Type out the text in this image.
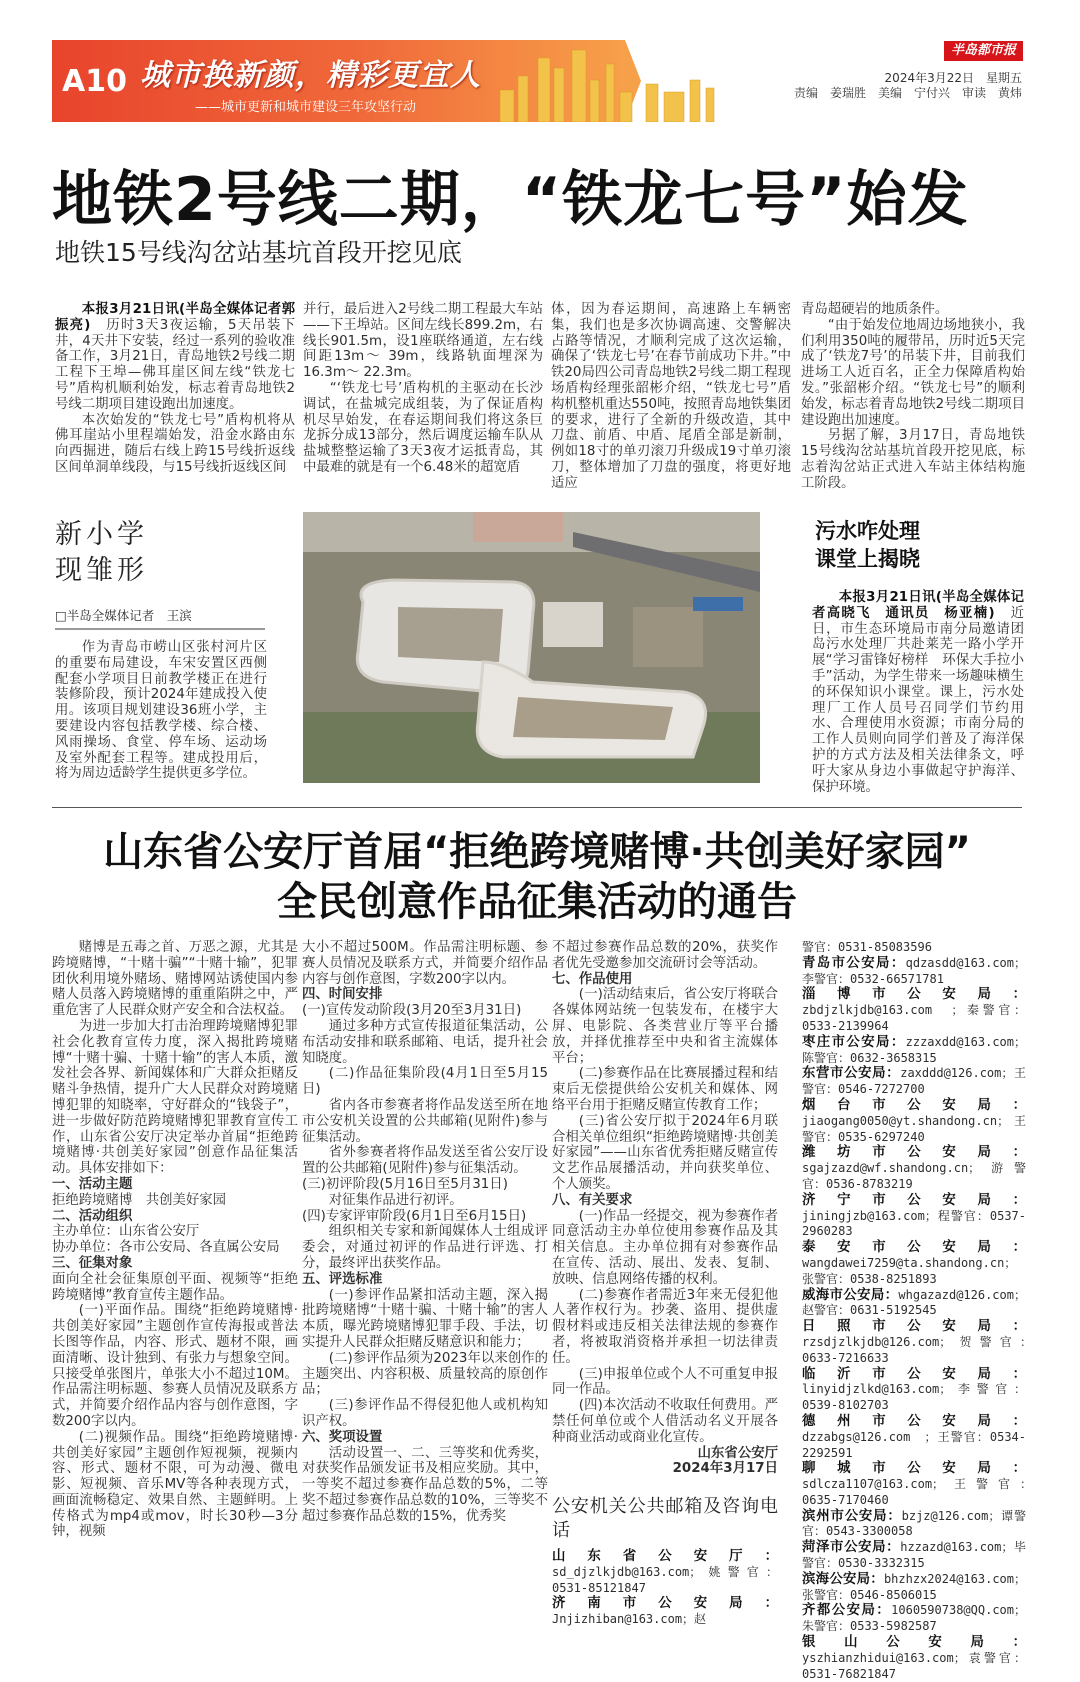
A10 城市换新颜，精彩更宜人
——城市更新和城市建设三年攻坚行动
半岛都市报
2024年3月22日　星期五
责编　姜瑞胜　美编　宁付兴　审读　黄炜
地铁2号线二期，“铁龙七号”始发
地铁15号线沟岔站基坑首段开挖见底

本报3月21日讯(半岛全媒体记者郭振亮)　历时3天3夜运输，5天吊装下井，4天井下安装，经过一系列的验收准备工作，3月21日，青岛地铁2号线二期工程下王埠—佛耳崖区间左线“铁龙七号”盾构机顺利始发，标志着青岛地铁2号线二期项目建设跑出加速度。

本次始发的“铁龙七号”盾构机将从佛耳崖站小里程端始发，沿金水路由东向西掘进，随后右线上跨15号线折返线区间单洞单线段，与15号线折返线区间

并行，最后进入2号线二期工程最大车站——下王埠站。区间左线长899.2m，右线长901.5m，设1座联络通道，左右线间距13m～ 39m，线路轨面埋深为16.3m～ 22.3m。

“‘铁龙七号’盾构机的主驱动在长沙调试，在盐城完成组装，为了保证盾构机尽早始发，在春运期间我们将这条巨龙拆分成13部分，然后调度运输车队从盐城整整运输了3天3夜才运抵青岛，其中最难的就是有一个6.48米的超宽盾

体，因为春运期间，高速路上车辆密集，我们也是多次协调高速、交警解决占路等情况，才顺利完成了这次运输，确保了‘铁龙七号’在春节前成功下井。”中铁20局四公司青岛地铁2号线二期工程现场盾构经理张韶彬介绍，“铁龙七号”盾构机整机重达550吨，按照青岛地铁集团的要求，进行了全新的升级改造，其中刀盘、前盾、中盾、尾盾全部是新制，例如18寸的单刃滚刀升级成19寸单刃滚刀，整体增加了刀盘的强度，将更好地适应

青岛超硬岩的地质条件。

“由于始发位地周边场地狭小，我们利用350吨的履带吊，历时近5天完成了‘铁龙7号’的吊装下井，目前我们进场工人近百名，正全力保障盾构始发。”张韶彬介绍。“铁龙七号”的顺利始发，标志着青岛地铁2号线二期项目建设跑出加速度。

另据了解，3月17日，青岛地铁15号线沟岔站基坑首段开挖见底，标志着沟岔站正式进入车站主体结构施工阶段。

新小学
现雏形
□半岛全媒体记者　王滨

作为青岛市崂山区张村河片区的重要布局建设，车宋安置区西侧配套小学项目日前教学楼正在进行装修阶段，预计2024年建成投入使用。该项目规划建设36班小学，主要建设内容包括教学楼、综合楼、风雨操场、食堂、停车场、运动场及室外配套工程等。建成投用后，将为周边适龄学生提供更多学位。

污水咋处理
课堂上揭晓

本报3月21日讯(半岛全媒体记者高晓飞　通讯员　杨亚楠)　近日，市生态环境局市南分局邀请团岛污水处理厂共赴莱芜一路小学开展“学习雷锋好榜样　环保大手拉小手”活动，为学生带来一场趣味横生的环保知识小课堂。课上，污水处理厂工作人员号召同学们节约用水、合理使用水资源；市南分局的工作人员则向同学们普及了海洋保护的方式方法及相关法律条文，呼吁大家从身边小事做起守护海洋、保护环境。

山东省公安厅首届“拒绝跨境赌博·共创美好家园”
全民创意作品征集活动的通告

赌博是五毒之首、万恶之源，尤其是跨境赌博，“十赌十骗”“十赌十输”，犯罪团伙利用境外赌场、赌博网站诱使国内参赌人员落入跨境赌博的重重陷阱之中，严重危害了人民群众财产安全和合法权益。

为进一步加大打击治理跨境赌博犯罪社会化教育宣传力度，深入揭批跨境赌博“十赌十骗、十赌十输”的害人本质，激发社会各界、新闻媒体和广大群众拒赌反赌斗争热情，提升广大人民群众对跨境赌博犯罪的知晓率，守好群众的“钱袋子”，进一步做好防范跨境赌博犯罪教育宣传工作，山东省公安厅决定举办首届“拒绝跨境赌博·共创美好家园”创意作品征集活动。具体安排如下：

一、活动主题

拒绝跨境赌博　共创美好家园

二、活动组织

主办单位：山东省公安厅

协办单位：各市公安局、各直属公安局

三、征集对象

面向全社会征集原创平面、视频等“拒绝跨境赌博”教育宣传主题作品。

(一)平面作品。围绕“拒绝跨境赌博·共创美好家园”主题创作宣传海报或普法长图等作品，内容、形式、题材不限，画面清晰、设计独到、有张力与想象空间。只接受单张图片，单张大小不超过10M。作品需注明标题、参赛人员情况及联系方式，并简要介绍作品内容与创作意图，字数200字以内。

(二)视频作品。围绕“拒绝跨境赌博·共创美好家园”主题创作短视频，视频内容、形式、题材不限，可为动漫、微电影、短视频、音乐MV等各种表现方式，画面流畅稳定、效果自然、主题鲜明。上传格式为mp4或mov，时长30秒—3分钟，视频

大小不超过500M。作品需注明标题、参赛人员情况及联系方式，并简要介绍作品内容与创作意图，字数200字以内。

四、时间安排

(一)宣传发动阶段(3月20至3月31日)

通过多种方式宣传报道征集活动，公布活动安排和联系邮箱、电话，提升社会知晓度。

(二)作品征集阶段(4月1日至5月15日)

省内各市参赛者将作品发送至所在地市公安机关设置的公共邮箱(见附件)参与征集活动。

省外参赛者将作品发送至省公安厅设置的公共邮箱(见附件)参与征集活动。

(三)初评阶段(5月16日至5月31日)

对征集作品进行初评。

(四)专家评审阶段(6月1日至6月15日)

组织相关专家和新闻媒体人士组成评委会，对通过初评的作品进行评选、打分，最终评出获奖作品。

五、评选标准

(一)参评作品紧扣活动主题，深入揭批跨境赌博“十赌十骗、十赌十输”的害人本质，曝光跨境赌博犯罪手段、手法，切实提升人民群众拒赌反赌意识和能力；

(二)参评作品须为2023年以来创作的主题突出、内容积极、质量较高的原创作品；

(三)参评作品不得侵犯他人或机构知识产权。

六、奖项设置

活动设置一、二、三等奖和优秀奖，对获奖作品颁发证书及相应奖励。其中，一等奖不超过参赛作品总数的5%，二等奖不超过参赛作品总数的10%，三等奖不超过参赛作品总数的15%，优秀奖

不超过参赛作品总数的20%，获奖作者优先受邀参加交流研讨会等活动。

七、作品使用

(一)活动结束后，省公安厅将联合各媒体网站统一包装发布，在楼宇大屏、电影院、各类营业厅等平台播放，并择优推荐至中央和省主流媒体平台；

(二)参赛作品在比赛展播过程和结束后无偿提供给公安机关和媒体、网络平台用于拒赌反赌宣传教育工作；

(三)省公安厅拟于2024年6月联合相关单位组织“拒绝跨境赌博·共创美好家园”——山东省优秀拒赌反赌宣传文艺作品展播活动，并向获奖单位、个人颁奖。

八、有关要求

(一)作品一经提交，视为参赛作者同意活动主办单位使用参赛作品及其相关信息。主办单位拥有对参赛作品在宣传、活动、展出、发表、复制、放映、信息网络传播的权利。

(二)参赛作者需近3年来无侵犯他人著作权行为。抄袭、盗用、提供虚假材料或违反相关法律法规的参赛作者，将被取消资格并承担一切法律责任。

(三)申报单位或个人不可重复申报同一作品。

(四)本次活动不收取任何费用。严禁任何单位或个人借活动名义开展各种商业活动或商业化宣传。

山东省公安厅

2024年3月17日

公安机关公共邮箱及咨询电话
山东省公安厅：sd_djzlkjdb@163.com；姚警官：0531-85121847
济南市公安局：Jnjizhiban@163.com；赵
警官：0531-85083596
青岛市公安局：qdzasdd@163.com；李警官：0532-66571781
淄博市公安局：zbdjzlkjdb@163.com　；秦警官：0533-2139964
枣庄市公安局：zzzaxdd@163.com；陈警官：0632-3658315
东营市公安局：zaxddd@126.com；王警官：0546-7272700
烟台市公安局：jiaogang0050@yt.shandong.cn；王警官：0535-6297240
潍坊市公安局：sgajzazd@wf.shandong.cn；游警官：0536-8783219
济宁市公安局：jiningjzb@163.com；程警官：0537-2960283
泰安市公安局：wangdawei7259@ta.shandong.cn；张警官：0538-8251893
威海市公安局：whgazazd@126.com；赵警官：0631-5192545
日照市公安局：rzsdjzlkjdb@126.com；贺警官：　0633-7216633
临沂市公安局：linyidjzlkd@163.com；李警官：0539-8102703
德州市公安局：dzzabgs@126.com　；王警官：0534-2292591
聊城市公安局：sdlcza1107@163.com；王警官：　0635-7170460
滨州市公安局：bzjz@126.com；谭警官：0543-3300058
菏泽市公安局：hzzazd@163.com；毕警官：0530-3332315
滨海公安局：bhzhzx2024@163.com；张警官：0546-8506015
齐都公安局：1060590738@QQ.com；朱警官：0533-5982587
银山公安局：yszhianzhidui@163.com；袁警官：0531-76821847
